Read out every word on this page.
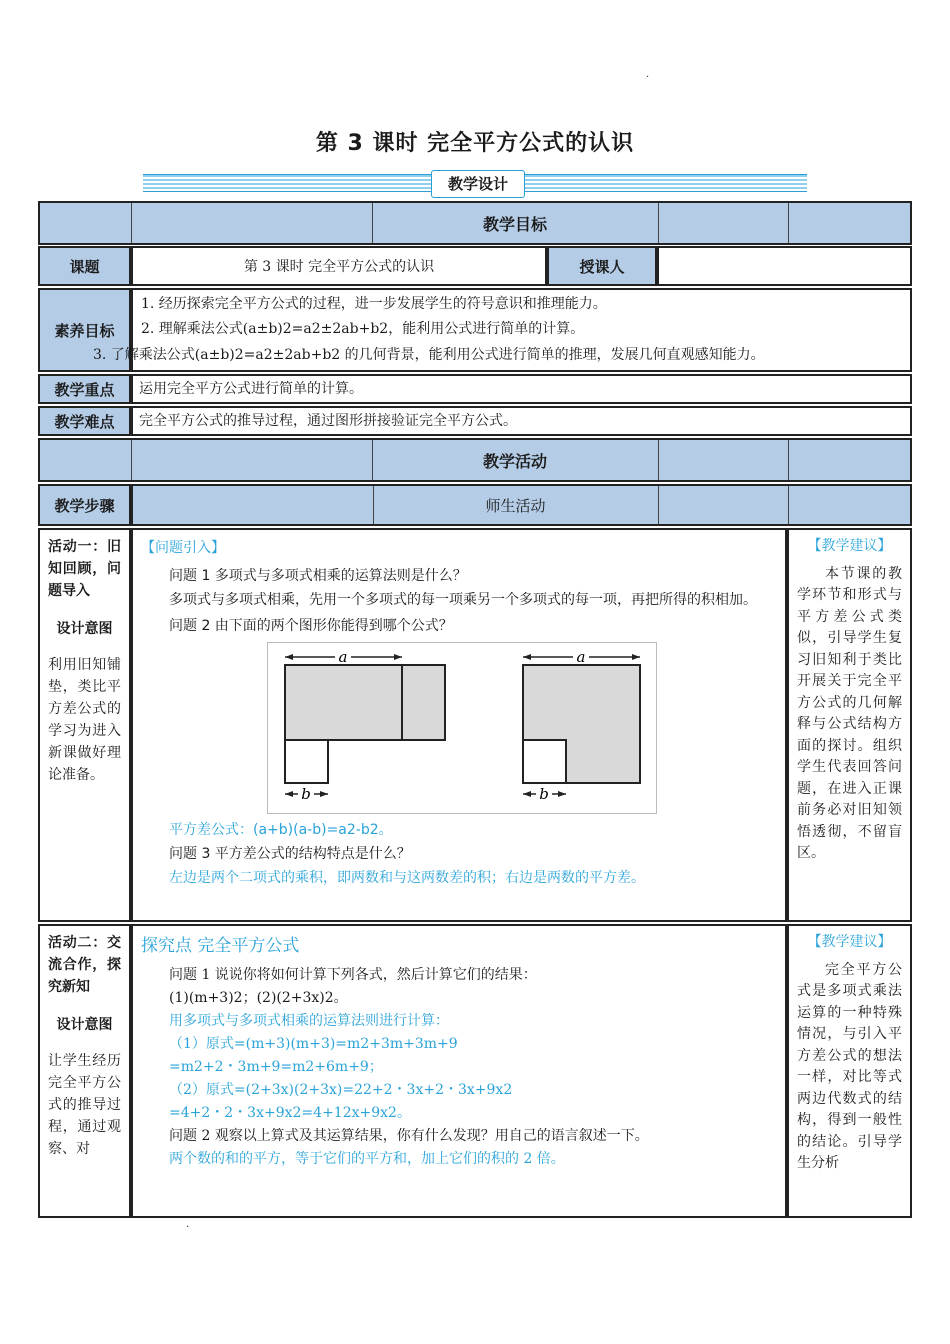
·
第 3 课时 完全平方公式的认识
教学设计
教学目标
课题	第 3 课时 完全平方公式的认识	授课人
素养目标
1. 经历探索完全平方公式的过程，进一步发展学生的符号意识和推理能力。
2. 理解乘法公式(a±b)2=a2±2ab+b2，能利用公式进行简单的计算。
3. 了解乘法公式(a±b)2=a2±2ab+b2 的几何背景，能利用公式进行简单的推理，发展几何直观感知能力。
教学重点	运用完全平方公式进行简单的计算。
教学难点	完全平方公式的推导过程，通过图形拼接验证完全平方公式。
教学活动
教学步骤	师生活动
活动一：旧知回顾，问题导入
设计意图
利用旧知铺垫，类比平方差公式的学习为进入新课做好理论准备。

【问题引入】

问题 1 多项式与多项式相乘的运算法则是什么？

多项式与多项式相乘，先用一个多项式的每一项乘另一个多项式的每一项，再把所得的积相加。

问题 2 由下面的两个图形你能得到哪个公式？

a
b
a
b

平方差公式：(a+b)(a-b)=a2-b2。

问题 3 平方差公式的结构特点是什么？

左边是两个二项式的乘积，即两数和与这两数差的积；右边是两数的平方差。

【教学建议】

本节课的教学环节和形式与平方差公式类似，引导学生复习旧知利于类比开展关于完全平方公式的几何解释与公式结构方面的探讨。组织学生代表回答问题，在进入正课前务必对旧知领悟透彻，不留盲区。

活动二：交流合作，探究新知
设计意图
让学生经历完全平方公式的推导过程，通过观察、对

探究点 完全平方公式

问题 1 说说你将如何计算下列各式，然后计算它们的结果：

(1)(m+3)2；(2)(2+3x)2。

用多项式与多项式相乘的运算法则进行计算：

（1）原式=(m+3)(m+3)=m2+3m+3m+9

=m2+2・3m+9=m2+6m+9；

（2）原式=(2+3x)(2+3x)=22+2・3x+2・3x+9x2

=4+2・2・3x+9x2=4+12x+9x2。

问题 2 观察以上算式及其运算结果，你有什么发现？用自己的语言叙述一下。

两个数的和的平方，等于它们的平方和，加上它们的积的 2 倍。

【教学建议】

完全平方公式是多项式乘法运算的一种特殊情况，与引入平方差公式的想法一样，对比等式两边代数式的结构，得到一般性的结论。引导学生分析

·
